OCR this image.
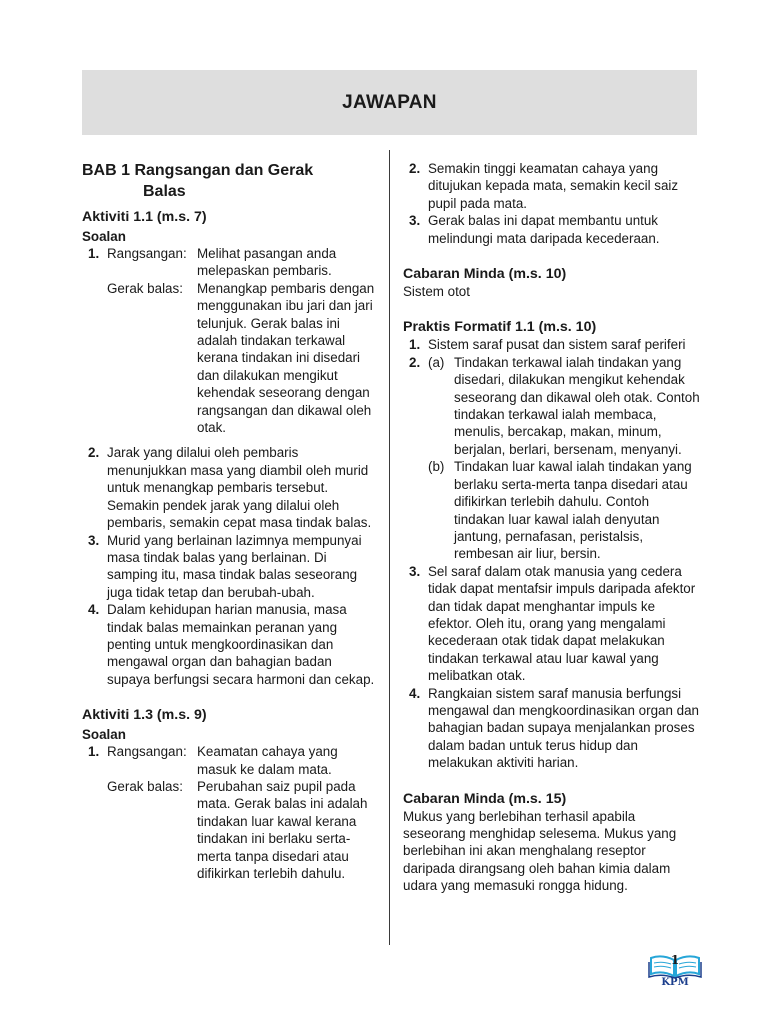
JAWAPAN
BAB 1 Rangsangan dan Gerak
Balas
Aktiviti 1.1 (m.s. 7)
Soalan
1. Rangsangan: Melihat pasangan anda melepaskan pembaris.
Gerak balas: Menangkap pembaris dengan menggunakan ibu jari dan jari telunjuk. Gerak balas ini adalah tindakan terkawal kerana tindakan ini disedari dan dilakukan mengikut kehendak seseorang dengan rangsangan dan dikawal oleh otak.
2. Jarak yang dilalui oleh pembaris menunjukkan masa yang diambil oleh murid untuk menangkap pembaris tersebut. Semakin pendek jarak yang dilalui oleh pembaris, semakin cepat masa tindak balas.
3. Murid yang berlainan lazimnya mempunyai masa tindak balas yang berlainan. Di samping itu, masa tindak balas seseorang juga tidak tetap dan berubah-ubah.
4. Dalam kehidupan harian manusia, masa tindak balas memainkan peranan yang penting untuk mengkoordinasikan dan mengawal organ dan bahagian badan supaya berfungsi secara harmoni dan cekap.
Aktiviti 1.3 (m.s. 9)
Soalan
1. Rangsangan: Keamatan cahaya yang masuk ke dalam mata.
Gerak balas: Perubahan saiz pupil pada mata. Gerak balas ini adalah tindakan luar kawal kerana tindakan ini berlaku serta-merta tanpa disedari atau difikirkan terlebih dahulu.
2. Semakin tinggi keamatan cahaya yang ditujukan kepada mata, semakin kecil saiz pupil pada mata.
3. Gerak balas ini dapat membantu untuk melindungi mata daripada kecederaan.
Cabaran Minda (m.s. 10)
Sistem otot
Praktis Formatif 1.1 (m.s. 10)
1. Sistem saraf pusat dan sistem saraf periferi
2. (a) Tindakan terkawal ialah tindakan yang disedari, dilakukan mengikut kehendak seseorang dan dikawal oleh otak. Contoh tindakan terkawal ialah membaca, menulis, bercakap, makan, minum, berjalan, berlari, bersenam, menyanyi.
(b) Tindakan luar kawal ialah tindakan yang berlaku serta-merta tanpa disedari atau difikirkan terlebih dahulu. Contoh tindakan luar kawal ialah denyutan jantung, pernafasan, peristalsis, rembesan air liur, bersin.
3. Sel saraf dalam otak manusia yang cedera tidak dapat mentafsir impuls daripada afektor dan tidak dapat menghantar impuls ke efektor. Oleh itu, orang yang mengalami kecederaan otak tidak dapat melakukan tindakan terkawal atau luar kawal yang melibatkan otak.
4. Rangkaian sistem saraf manusia berfungsi mengawal dan mengkoordinasikan organ dan bahagian badan supaya menjalankan proses dalam badan untuk terus hidup dan melakukan aktiviti harian.
Cabaran Minda (m.s. 15)
Mukus yang berlebihan terhasil apabila seseorang menghidap selesema. Mukus yang berlebihan ini akan menghalang reseptor daripada dirangsang oleh bahan kimia dalam udara yang memasuki rongga hidung.
1
KPM
